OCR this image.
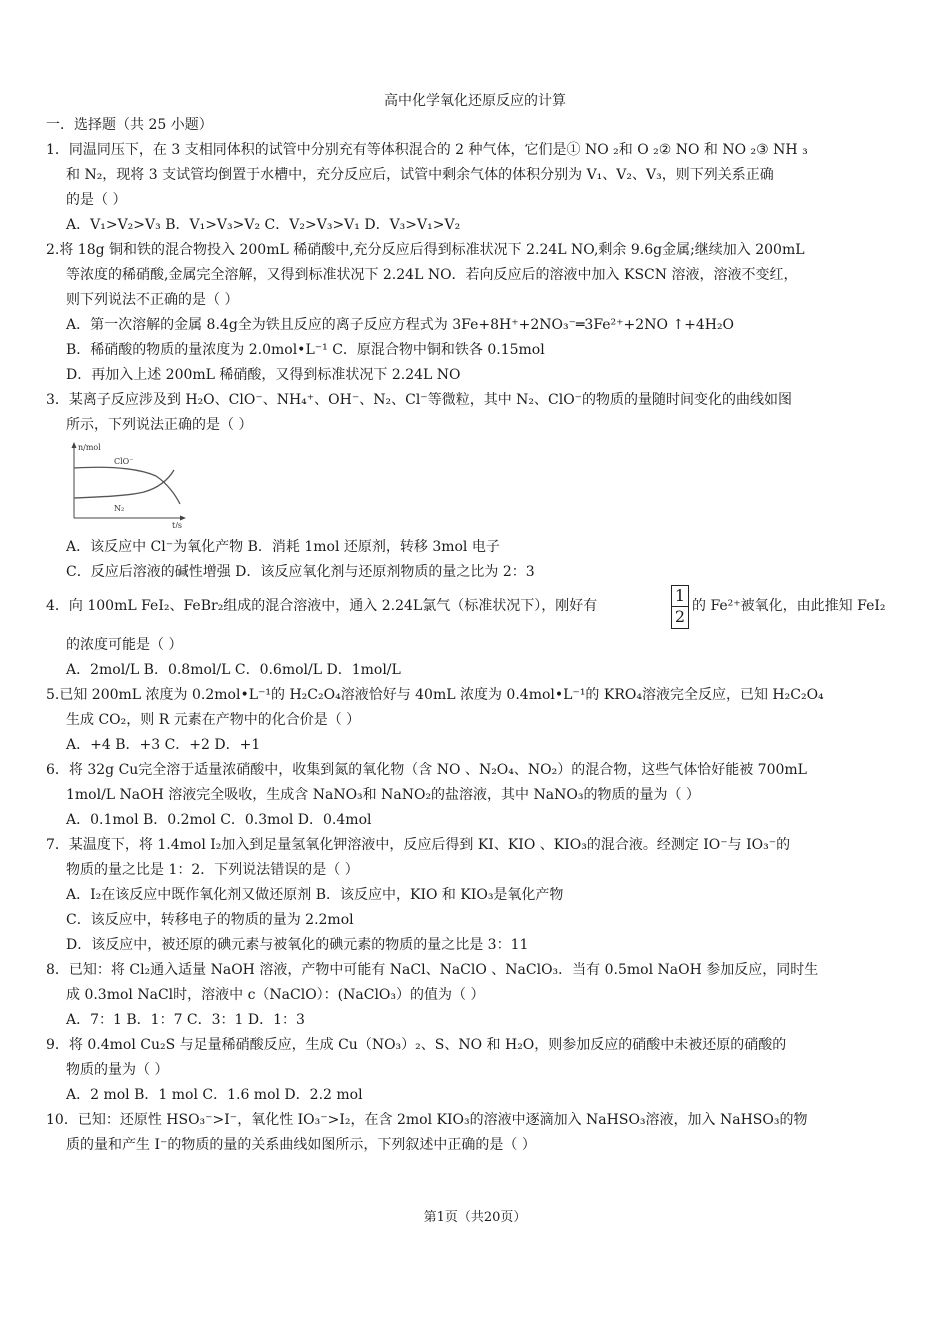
高中化学氧化还原反应的计算
一．选择题（共 25 小题）
1．同温同压下，在 3 支相同体积的试管中分别充有等体积混合的 2 种气体，它们是① NO ₂和 O ₂② NO 和 NO ₂③ NH ₃
和 N₂，现将 3 支试管均倒置于水槽中，充分反应后，试管中剩余气体的体积分别为 V₁、V₂、V₃，则下列关系正确
的是（ ）
A．V₁>V₂>V₃ B．V₁>V₃>V₂ C．V₂>V₃>V₁ D．V₃>V₁>V₂
2.将 18g 铜和铁的混合物投入 200mL 稀硝酸中,充分反应后得到标准状况下 2.24L NO,剩余 9.6g金属;继续加入 200mL
等浓度的稀硝酸,金属完全溶解，又得到标准状况下 2.24L NO．若向反应后的溶液中加入 KSCN 溶液，溶液不变红，
则下列说法不正确的是（ ）
A．第一次溶解的金属 8.4g全为铁且反应的离子反应方程式为 3Fe+8H⁺+2NO₃⁻═3Fe²⁺+2NO ↑+4H₂O
B．稀硝酸的物质的量浓度为 2.0mol•L⁻¹ C．原混合物中铜和铁各 0.15mol
D．再加入上述 200mL 稀硝酸，又得到标准状况下 2.24L NO
3．某离子反应涉及到 H₂O、ClO⁻、NH₄⁺、OH⁻、N₂、Cl⁻等微粒，其中 N₂、ClO⁻的物质的量随时间变化的曲线如图
所示，下列说法正确的是（ ）
n/mol
t/s
ClO⁻
N₂
A．该反应中 Cl⁻为氧化产物 B．消耗 1mol 还原剂，转移 3mol 电子
C．反应后溶液的碱性增强 D．该反应氧化剂与还原剂物质的量之比为 2：3
4．向 100mL FeI₂、FeBr₂组成的混合溶液中，通入 2.24L氯气（标准状况下），刚好有	$\frac{1}{2}$ 的 Fe²⁺被氧化，由此推知 FeI₂
的浓度可能是（ ）
A．2mol/L B．0.8mol/L C．0.6mol/L D．1mol/L
5.已知 200mL 浓度为 0.2mol•L⁻¹的 H₂C₂O₄溶液恰好与 40mL 浓度为 0.4mol•L⁻¹的 KRO₄溶液完全反应，已知 H₂C₂O₄
生成 CO₂，则 R 元素在产物中的化合价是（ ）
A．+4 B．+3 C．+2 D．+1
6．将 32g Cu完全溶于适量浓硝酸中，收集到氮的氧化物（含 NO 、N₂O₄、NO₂）的混合物，这些气体恰好能被 700mL
1mol/L NaOH 溶液完全吸收，生成含 NaNO₃和 NaNO₂的盐溶液，其中 NaNO₃的物质的量为（ ）
A．0.1mol B．0.2mol C．0.3mol D．0.4mol
7．某温度下，将 1.4mol I₂加入到足量氢氧化钾溶液中，反应后得到 KI、KIO 、KIO₃的混合液。经测定 IO⁻与 IO₃⁻的
物质的量之比是 1：2．下列说法错误的是（ ）
A．I₂在该反应中既作氧化剂又做还原剂 B．该反应中，KIO 和 KIO₃是氧化产物
C．该反应中，转移电子的物质的量为 2.2mol
D．该反应中，被还原的碘元素与被氧化的碘元素的物质的量之比是 3：11
8．已知：将 Cl₂通入适量 NaOH 溶液，产物中可能有 NaCl、NaClO 、NaClO₃．当有 0.5mol NaOH 参加反应，同时生
成 0.3mol NaCl时，溶液中 c（NaClO）：(NaClO₃）的值为（ ）
A．7：1 B．1：7 C．3：1 D．1：3
9．将 0.4mol Cu₂S 与足量稀硝酸反应，生成 Cu（NO₃）₂、S、NO 和 H₂O，则参加反应的硝酸中未被还原的硝酸的
物质的量为（ ）
A．2 mol B．1 mol C．1.6 mol D．2.2 mol
10．已知：还原性 HSO₃⁻>I⁻，氧化性 IO₃⁻>I₂，在含 2mol KIO₃的溶液中逐滴加入 NaHSO₃溶液，加入 NaHSO₃的物
质的量和产生 I⁻的物质的量的关系曲线如图所示，下列叙述中正确的是（ ）
第1页（共20页）
